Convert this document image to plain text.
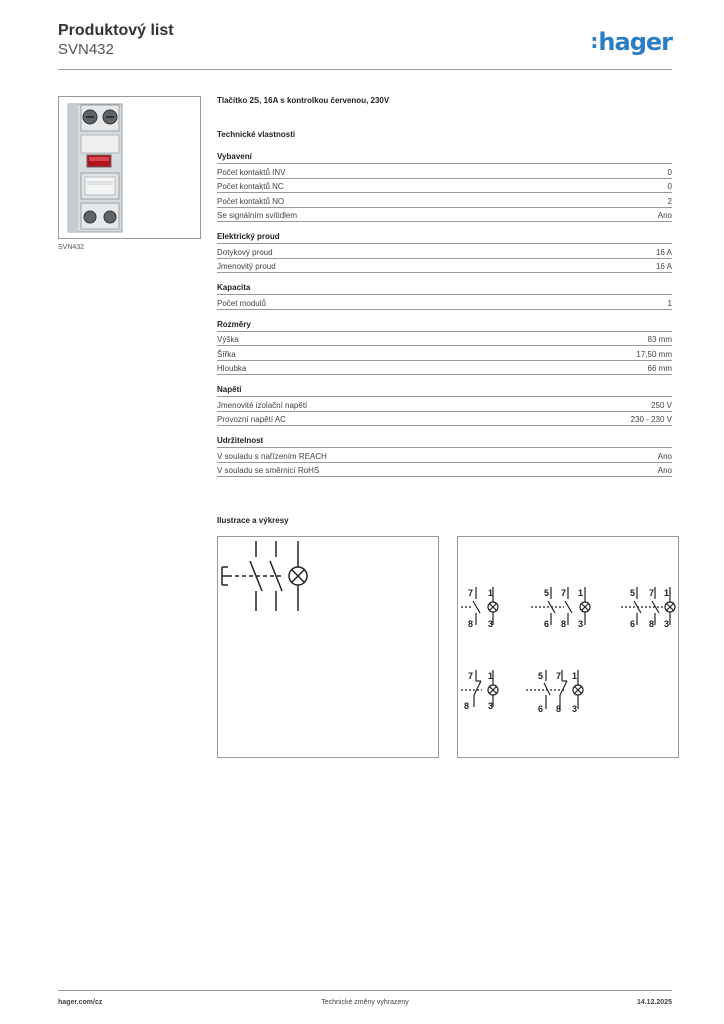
Produktový list
SVN432	:hager
SVN432
Tlačítko 2S, 16A s kontrolkou červenou, 230V
Technické vlastnosti
Vybavení
Počet kontaktů INV	0
Počet kontaktů NC	0
Počet kontaktů NO	2
Se signálním svítidlem	Ano
Elektrický proud
Dotykový proud	16 A
Jmenovitý proud	16 A
Kapacita
Počet modulů	1
Rozměry
Výška	83 mm
Šířka	17,50 mm
Hloubka	66 mm
Napětí
Jmenovité izolační napětí	250 V
Provozní napětí AC	230 - 230 V
Udržitelnost
V souladu s nařízením REACH	Ano
V souladu se směrnicí RoHS	Ano
Ilustrace a výkresy
7 1
8 3
5 7 1
6 8 3
5 7 1
6 8 3
7 1
8 3
5 7 1
6 8 3
hager.com/cz	Technické změny vyhrazeny	14.12.2025
